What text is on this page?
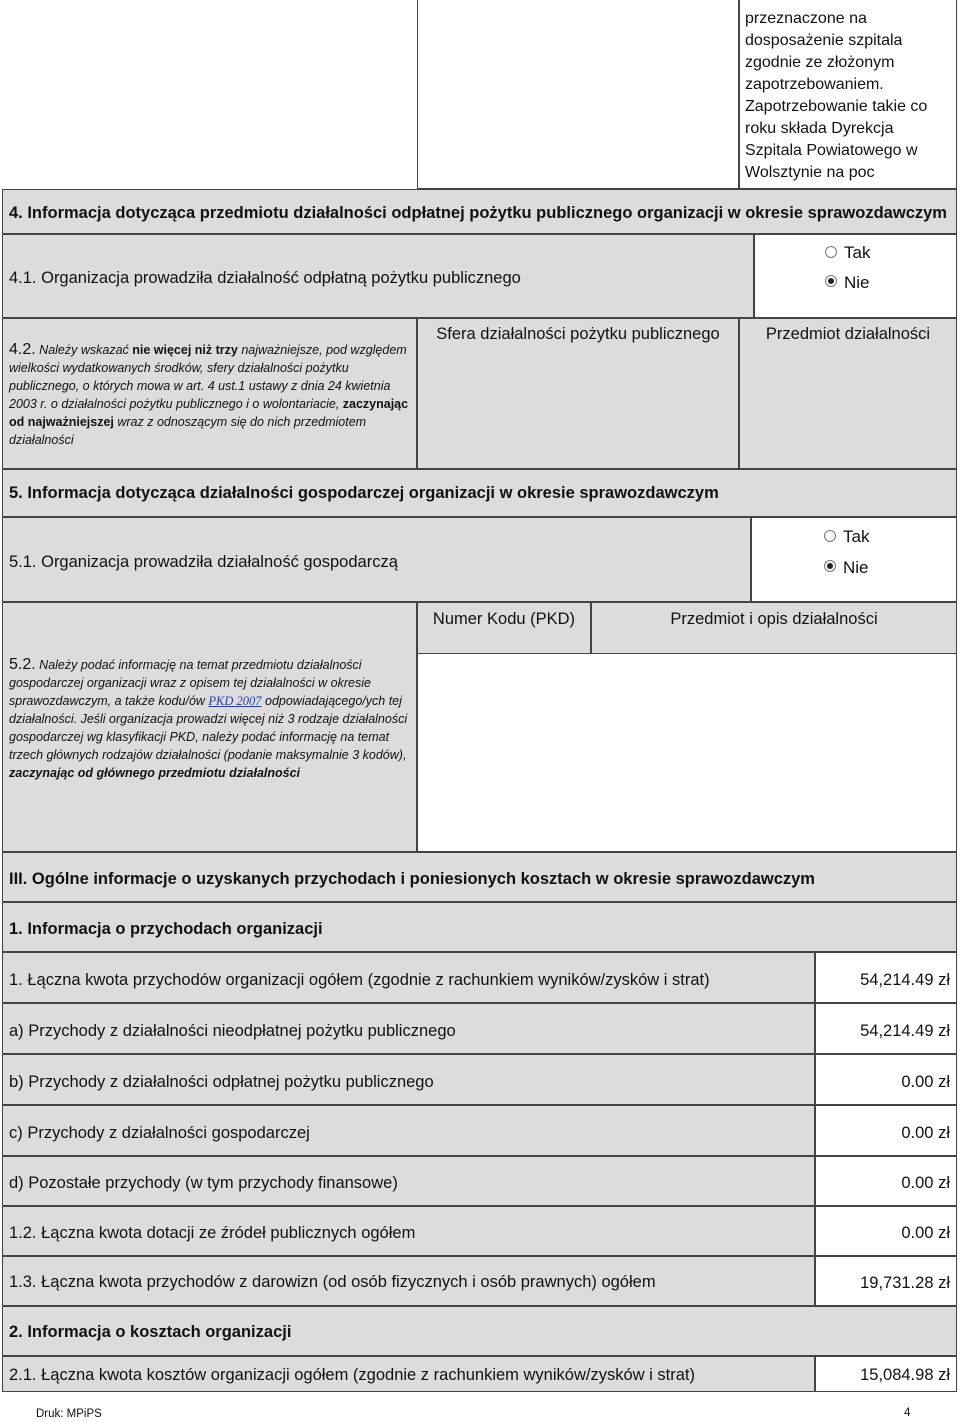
przeznaczone na
dosposażenie szpitala
zgodnie ze złożonym
zapotrzebowaniem.
Zapotrzebowanie takie co
roku składa Dyrekcja
Szpitala Powiatowego w
Wolsztynie na poc
4. Informacja dotycząca przedmiotu działalności odpłatnej pożytku publicznego organizacji w okresie sprawozdawczym
4.1. Organizacja prowadziła działalność odpłatną pożytku publicznego
Tak
Nie
4.2. Należy wskazać nie więcej niż trzy najważniejsze, pod względem wielkości wydatkowanych środków, sfery działalności pożytku publicznego, o których mowa w art. 4 ust.1 ustawy z dnia 24 kwietnia 2003 r. o działalności pożytku publicznego i o wolontariacie, zaczynając od najważniejszej wraz z odnoszącym się do nich przedmiotem działalności
Sfera działalności pożytku publicznego	Przedmiot działalności
5. Informacja dotycząca działalności gospodarczej organizacji w okresie sprawozdawczym
5.1. Organizacja prowadziła działalność gospodarczą
Tak
Nie
Numer Kodu (PKD)	Przedmiot i opis działalności
5.2. Należy podać informację na temat przedmiotu działalności gospodarczej organizacji wraz z opisem tej działalności w okresie sprawozdawczym, a także kodu/ów PKD 2007 odpowiadającego/ych tej działalności. Jeśli organizacja prowadzi więcej niż 3 rodzaje działalności gospodarczej wg klasyfikacji PKD, należy podać informację na temat trzech głównych rodzajów działalności (podanie maksymalnie 3 kodów), zaczynając od głównego przedmiotu działalności
III. Ogólne informacje o uzyskanych przychodach i poniesionych kosztach w okresie sprawozdawczym
1. Informacja o przychodach organizacji
1. Łączna kwota przychodów organizacji ogółem (zgodnie z rachunkiem wyników/zysków i strat)	54,214.49 zł
a) Przychody z działalności nieodpłatnej pożytku publicznego	54,214.49 zł
b) Przychody z działalności odpłatnej pożytku publicznego	0.00 zł
c) Przychody z działalności gospodarczej	0.00 zł
d) Pozostałe przychody (w tym przychody finansowe)	0.00 zł
1.2. Łączna kwota dotacji ze źródeł publicznych ogółem	0.00 zł
1.3. Łączna kwota przychodów z darowizn (od osób fizycznych i osób prawnych) ogółem	19,731.28 zł
2. Informacja o kosztach organizacji
2.1. Łączna kwota kosztów organizacji ogółem (zgodnie z rachunkiem wyników/zysków i strat)	15,084.98 zł
Druk: MPiPS	4
